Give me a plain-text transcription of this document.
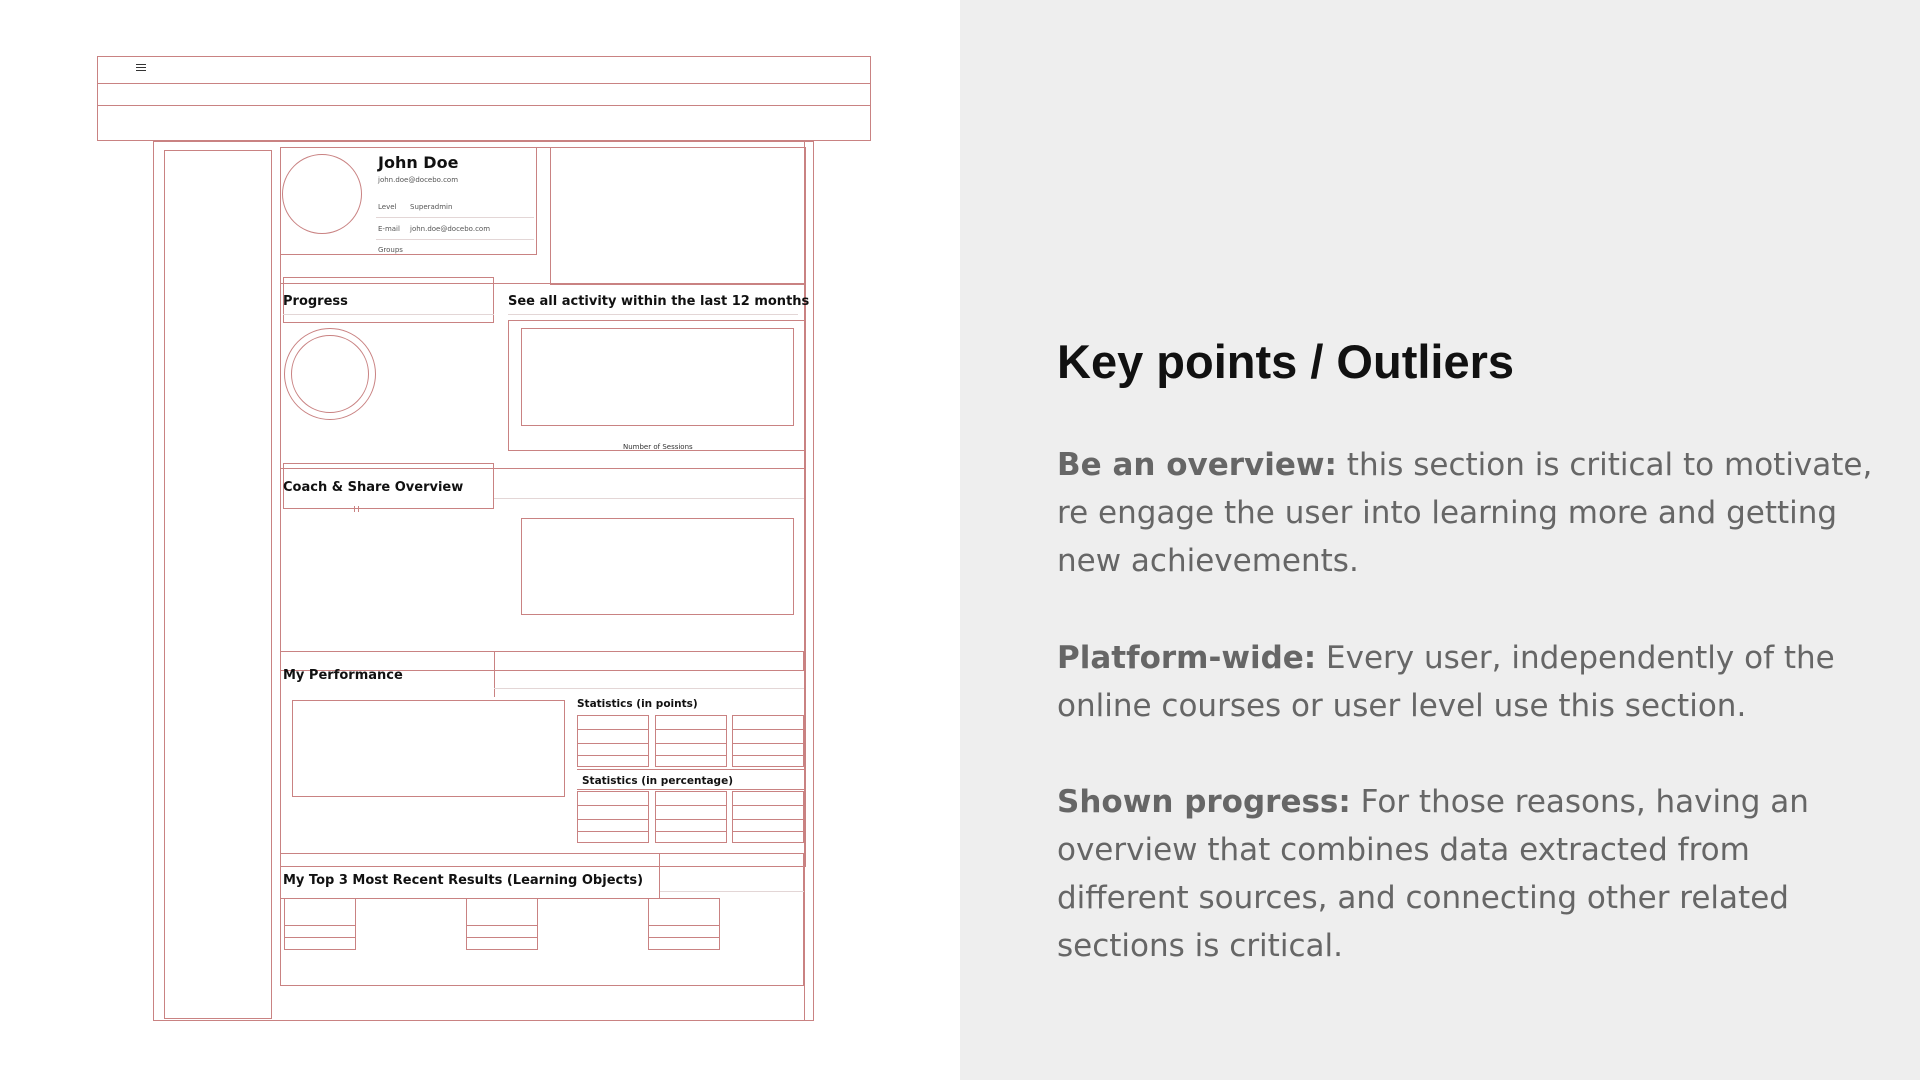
John Doe
john.doe@docebo.com
Level Superadmin
E-mail john.doe@docebo.com
Groups
Progress	See all activity within the last 12 months
Number of Sessions
Coach & Share Overview
My Performance
Statistics (in points)
Statistics (in percentage)
My Top 3 Most Recent Results (Learning Objects)
Key points / Outliers
Be an overview: this section is critical to motivate, re engage the user into learning more and getting new achievements.
Platform-wide: Every user, independently of the online courses or user level use this section.
Shown progress: For those reasons, having an overview that combines data extracted from different sources, and connecting other related sections is critical.
